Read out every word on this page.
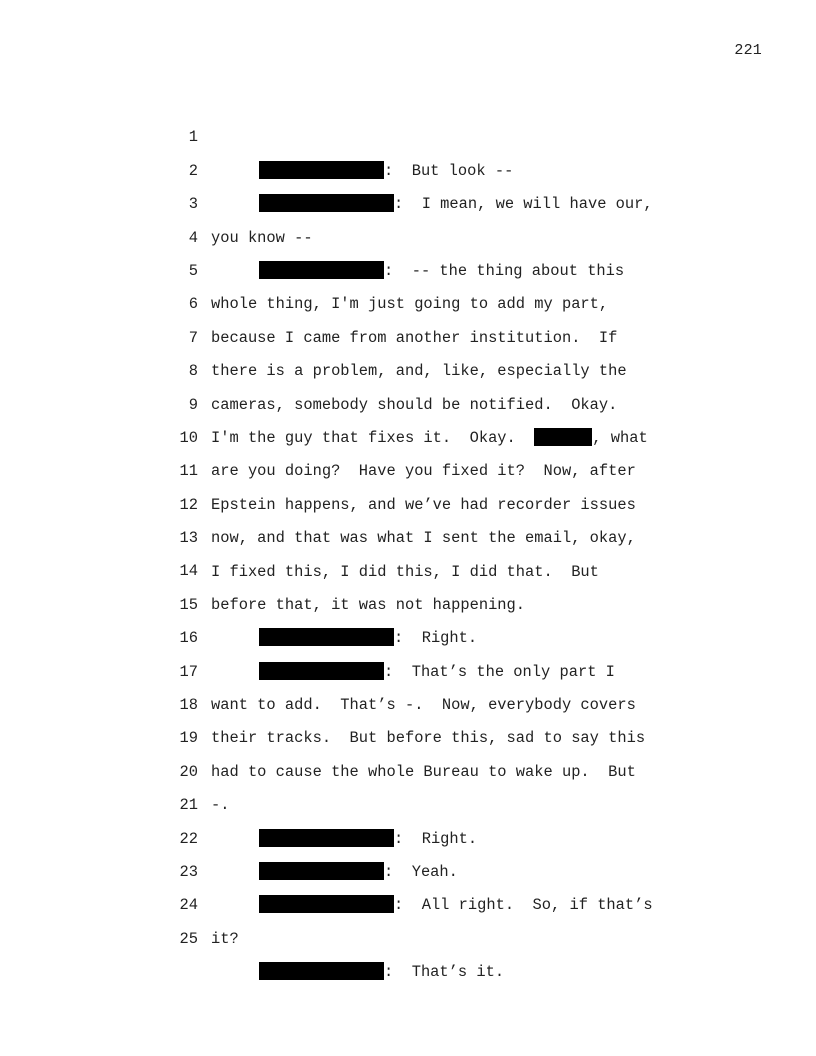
221

1

:  But look --

2

:  I mean, we will have our,

3

you know --

4

:  -- the thing about this

5

whole thing, I'm just going to add my part,

6

because I came from another institution.  If

7

there is a problem, and, like, especially the

8

cameras, somebody should be notified.  Okay.

9

I'm the guy that fixes it.  Okay.	, what

10

are you doing?  Have you fixed it?  Now, after

11

Epstein happens, and we’ve had recorder issues

12

now, and that was what I sent the email, okay,

13

I fixed this, I did this, I did that.  But

14

before that, it was not happening.

15

:  Right.

16

:  That’s the only part I

17

want to add.  That’s -.  Now, everybody covers

18

their tracks.  But before this, sad to say this

19

had to cause the whole Bureau to wake up.  But

20

-.

21

:  Right.

22

:  Yeah.

23

:  All right.  So, if that’s

24

it?

25

:  That’s it.
